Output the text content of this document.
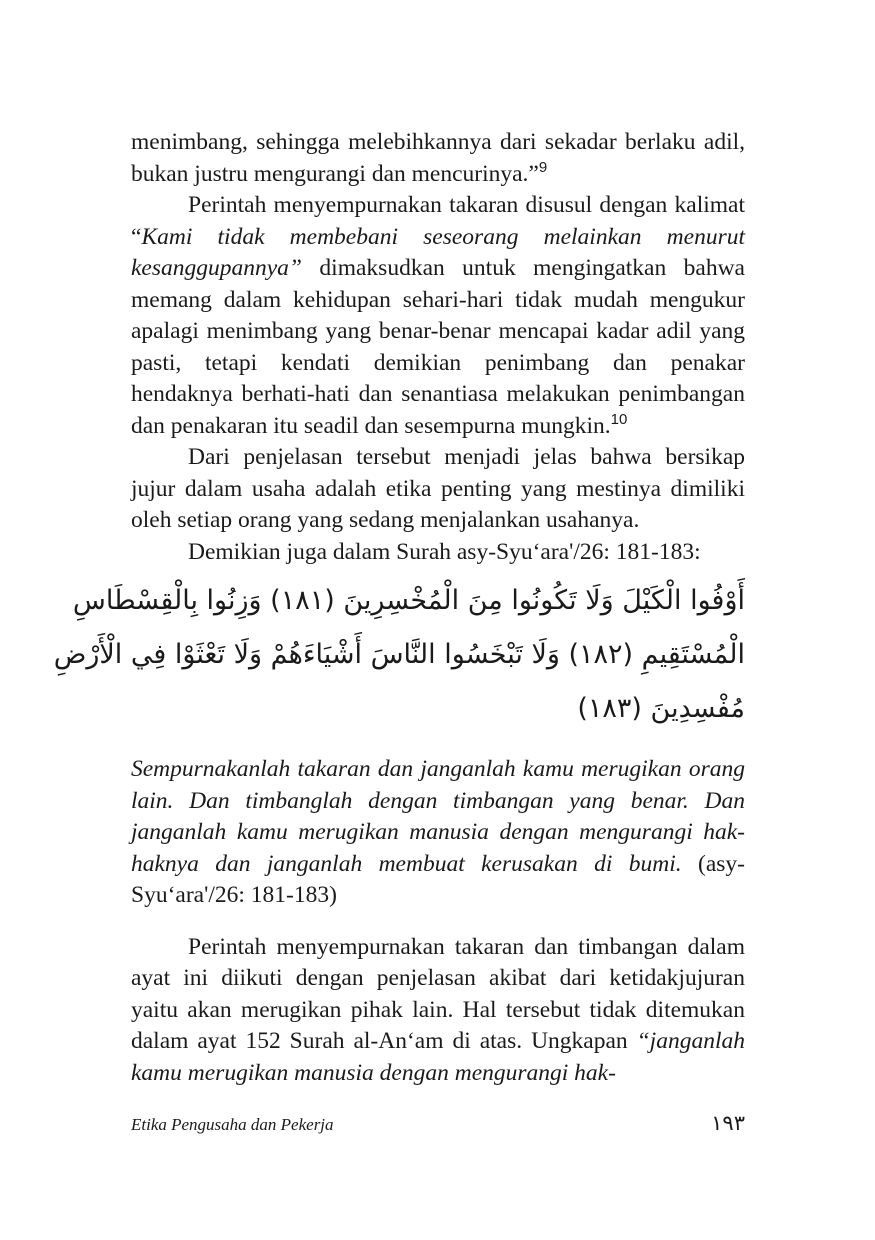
menimbang, sehingga melebihkannya dari sekadar berlaku adil, bukan justru mengurangi dan mencurinya.”$^9$

Perintah menyempurnakan takaran disusul dengan kalimat “Kami tidak membebani seseorang melainkan menurut kesanggupannya” dimaksudkan untuk mengingatkan bahwa memang dalam kehidupan sehari-hari tidak mudah mengukur apalagi menimbang yang benar-benar mencapai kadar adil yang pasti, tetapi kendati demikian penimbang dan penakar hendaknya berhati-hati dan senantiasa melakukan penimbangan dan penakaran itu seadil dan sesempurna mungkin.$^{10}$

Dari penjelasan tersebut menjadi jelas bahwa bersikap jujur dalam usaha adalah etika penting yang mestinya dimiliki oleh setiap orang yang sedang menjalankan usahanya.

Demikian juga dalam Surah asy-Syu‘ara'/26: 181-183:

أَوْفُوا الْكَيْلَ وَلَا تَكُونُوا مِنَ الْمُخْسِرِينَ (١٨١) وَزِنُوا بِالْقِسْطَاسِ
الْمُسْتَقِيمِ (١٨٢) وَلَا تَبْخَسُوا النَّاسَ أَشْيَاءَهُمْ وَلَا تَعْثَوْا فِي الْأَرْضِ
مُفْسِدِينَ (١٨٣)

Sempurnakanlah takaran dan janganlah kamu merugikan orang lain. Dan timbanglah dengan timbangan yang benar. Dan janganlah kamu merugikan manusia dengan mengurangi hak-haknya dan janganlah membuat kerusakan di bumi. (asy-Syu‘ara'/26: 181-183)

Perintah menyempurnakan takaran dan timbangan dalam ayat ini diikuti dengan penjelasan akibat dari ketidakjujuran yaitu akan merugikan pihak lain. Hal tersebut tidak ditemukan dalam ayat 152 Surah al-An‘am di atas. Ungkapan “janganlah kamu merugikan manusia dengan mengurangi hak-

Etika Pengusaha dan Pekerja	١٩٣
